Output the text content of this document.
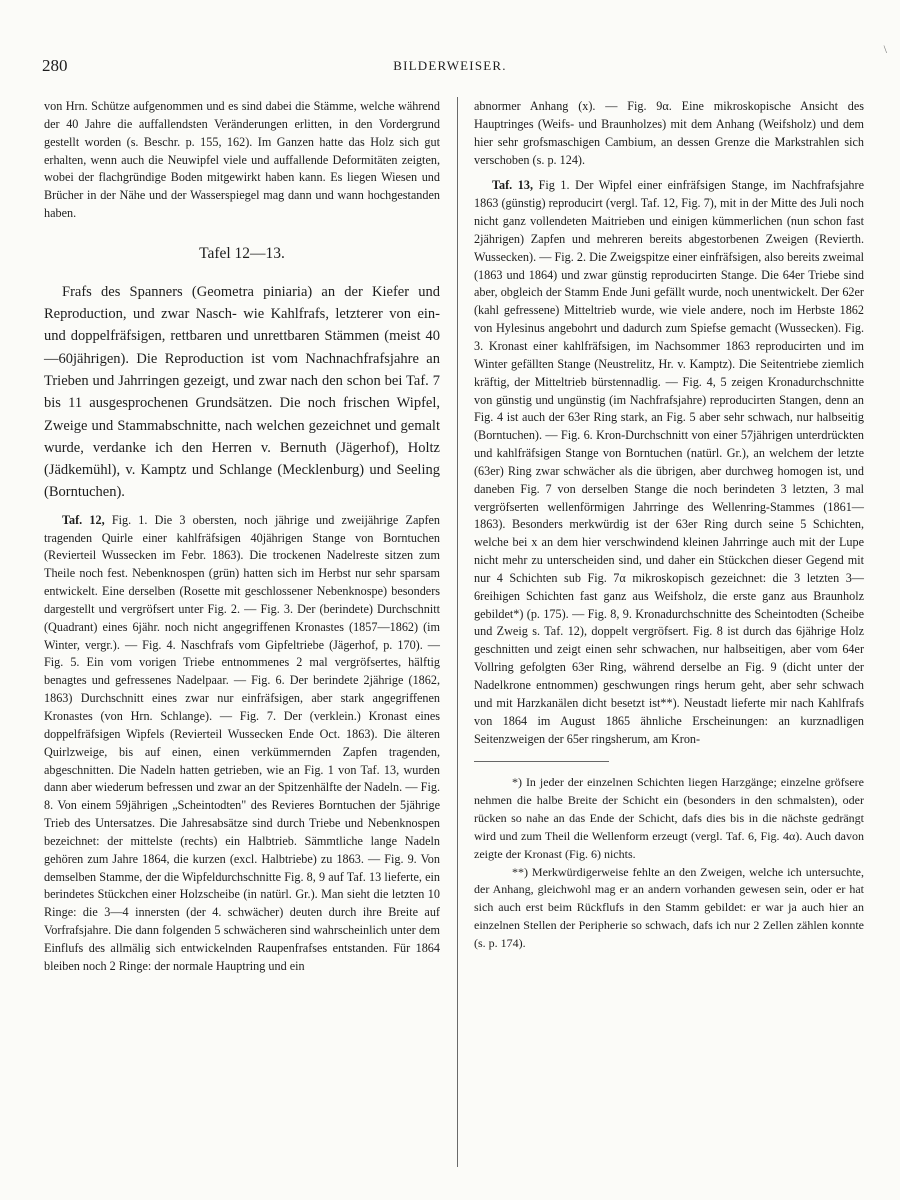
280	BILDERWEISER.
\

von Hrn. Schütze aufgenommen und es sind dabei die Stämme, welche während der 40 Jahre die auffallendsten Veränderungen erlitten, in den Vordergrund gestellt worden (s. Beschr. p. 155, 162). Im Ganzen hatte das Holz sich gut erhalten, wenn auch die Neuwipfel viele und auffallende Deformitäten zeigten, wobei der flachgründige Boden mitgewirkt haben kann. Es liegen Wiesen und Brücher in der Nähe und der Wasserspiegel mag dann und wann hochgestanden haben.

Tafel 12—13.

Frafs des Spanners (Geometra piniaria) an der Kiefer und Reproduction, und zwar Nasch- wie Kahlfrafs, letzterer von ein- und doppelfräfsigen, rettbaren und unrettbaren Stämmen (meist 40—60jährigen). Die Reproduction ist vom Nachnachfrafsjahre an Trieben und Jahrringen gezeigt, und zwar nach den schon bei Taf. 7 bis 11 ausgesprochenen Grundsätzen. Die noch frischen Wipfel, Zweige und Stammabschnitte, nach welchen gezeichnet und gemalt wurde, verdanke ich den Herren v. Bernuth (Jägerhof), Holtz (Jädkemühl), v. Kamptz und Schlange (Mecklenburg) und Seeling (Borntuchen).

Taf. 12, Fig. 1. Die 3 obersten, noch jährige und zweijährige Zapfen tragenden Quirle einer kahlfräfsigen 40jährigen Stange von Borntuchen (Revierteil Wussecken im Febr. 1863). Die trockenen Nadelreste sitzen zum Theile noch fest. Nebenknospen (grün) hatten sich im Herbst nur sehr sparsam entwickelt. Eine derselben (Rosette mit geschlossener Nebenknospe) besonders dargestellt und vergröfsert unter Fig. 2. — Fig. 3. Der (berindete) Durchschnitt (Quadrant) eines 6jähr. noch nicht angegriffenen Kronastes (1857—1862) (im Winter, vergr.). — Fig. 4. Naschfrafs vom Gipfeltriebe (Jägerhof, p. 170). — Fig. 5. Ein vom vorigen Triebe entnommenes 2 mal vergröfsertes, hälftig benagtes und gefressenes Nadelpaar. — Fig. 6. Der berindete 2jährige (1862, 1863) Durchschnitt eines zwar nur einfräfsigen, aber stark angegriffenen Kronastes (von Hrn. Schlange). — Fig. 7. Der (verklein.) Kronast eines doppelfräfsigen Wipfels (Revierteil Wussecken Ende Oct. 1863). Die älteren Quirlzweige, bis auf einen, einen verkümmernden Zapfen tragenden, abgeschnitten. Die Nadeln hatten getrieben, wie an Fig. 1 von Taf. 13, wurden dann aber wiederum befressen und zwar an der Spitzenhälfte der Nadeln. — Fig. 8. Von einem 59jährigen „Scheintodten" des Revieres Borntuchen der 5jährige Trieb des Untersatzes. Die Jahresabsätze sind durch Triebe und Nebenknospen bezeichnet: der mittelste (rechts) ein Halbtrieb. Sämmtliche lange Nadeln gehören zum Jahre 1864, die kurzen (excl. Halbtriebe) zu 1863. — Fig. 9. Von demselben Stamme, der die Wipfeldurchschnitte Fig. 8, 9 auf Taf. 13 lieferte, ein berindetes Stückchen einer Holzscheibe (in natürl. Gr.). Man sieht die letzten 10 Ringe: die 3—4 innersten (der 4. schwächer) deuten durch ihre Breite auf Vorfrafsjahre. Die dann folgenden 5 schwächeren sind wahrscheinlich unter dem Einflufs des allmälig sich entwickelnden Raupenfrafses entstanden. Für 1864 bleiben noch 2 Ringe: der normale Hauptring und ein

abnormer Anhang (x). — Fig. 9α. Eine mikroskopische Ansicht des Hauptringes (Weifs- und Braunholzes) mit dem Anhang (Weifsholz) und dem hier sehr grofsmaschigen Cambium, an dessen Grenze die Markstrahlen sich verschoben (s. p. 124).

Taf. 13, Fig 1. Der Wipfel einer einfräfsigen Stange, im Nachfrafsjahre 1863 (günstig) reproducirt (vergl. Taf. 12, Fig. 7), mit in der Mitte des Juli noch nicht ganz vollendeten Maitrieben und einigen kümmerlichen (nun schon fast 2jährigen) Zapfen und mehreren bereits abgestorbenen Zweigen (Revierth. Wussecken). — Fig. 2. Die Zweigspitze einer einfräfsigen, also bereits zweimal (1863 und 1864) und zwar günstig reproducirten Stange. Die 64er Triebe sind aber, obgleich der Stamm Ende Juni gefällt wurde, noch unentwickelt. Der 62er (kahl gefressene) Mitteltrieb wurde, wie viele andere, noch im Herbste 1862 von Hylesinus angebohrt und dadurch zum Spiefse gemacht (Wussecken). Fig. 3. Kronast einer kahlfräfsigen, im Nachsommer 1863 reproducirten und im Winter gefällten Stange (Neustrelitz, Hr. v. Kamptz). Die Seitentriebe ziemlich kräftig, der Mitteltrieb bürstennadlig. — Fig. 4, 5 zeigen Kronadurchschnitte von günstig und ungünstig (im Nachfrafsjahre) reproducirten Stangen, denn an Fig. 4 ist auch der 63er Ring stark, an Fig. 5 aber sehr schwach, nur halbseitig (Borntuchen). — Fig. 6. Kron-Durchschnitt von einer 57jährigen unterdrückten und kahlfräfsigen Stange von Borntuchen (natürl. Gr.), an welchem der letzte (63er) Ring zwar schwächer als die übrigen, aber durchweg homogen ist, und daneben Fig. 7 von derselben Stange die noch berindeten 3 letzten, 3 mal vergröfserten wellenförmigen Jahrringe des Wellenring-Stammes (1861—1863). Besonders merkwürdig ist der 63er Ring durch seine 5 Schichten, welche bei x an dem hier verschwindend kleinen Jahrringe auch mit der Lupe nicht mehr zu unterscheiden sind, und daher ein Stückchen dieser Gegend mit nur 4 Schichten sub Fig. 7α mikroskopisch gezeichnet: die 3 letzten 3—6reihigen Schichten fast ganz aus Weifsholz, die erste ganz aus Braunholz gebildet*) (p. 175). — Fig. 8, 9. Kronadurchschnitte des Scheintodten (Scheibe und Zweig s. Taf. 12), doppelt vergröfsert. Fig. 8 ist durch das 6jährige Holz geschnitten und zeigt einen sehr schwachen, nur halbseitigen, aber vom 64er Vollring gefolgten 63er Ring, während derselbe an Fig. 9 (dicht unter der Nadelkrone entnommen) geschwungen rings herum geht, aber sehr schwach und mit Harzkanälen dicht besetzt ist**). Neustadt lieferte mir nach Kahlfrafs von 1864 im August 1865 ähnliche Erscheinungen: an kurznadligen Seitenzweigen der 65er ringsherum, am Kron-

*) In jeder der einzelnen Schichten liegen Harzgänge; einzelne gröfsere nehmen die halbe Breite der Schicht ein (besonders in den schmalsten), oder rücken so nahe an das Ende der Schicht, dafs dies bis in die nächste gedrängt wird und zum Theil die Wellenform erzeugt (vergl. Taf. 6, Fig. 4α). Auch davon zeigte der Kronast (Fig. 6) nichts.

**) Merkwürdigerweise fehlte an den Zweigen, welche ich untersuchte, der Anhang, gleichwohl mag er an andern vorhanden gewesen sein, oder er hat sich auch erst beim Rückflufs in den Stamm gebildet: er war ja auch hier an einzelnen Stellen der Peripherie so schwach, dafs ich nur 2 Zellen zählen konnte (s. p. 174).
